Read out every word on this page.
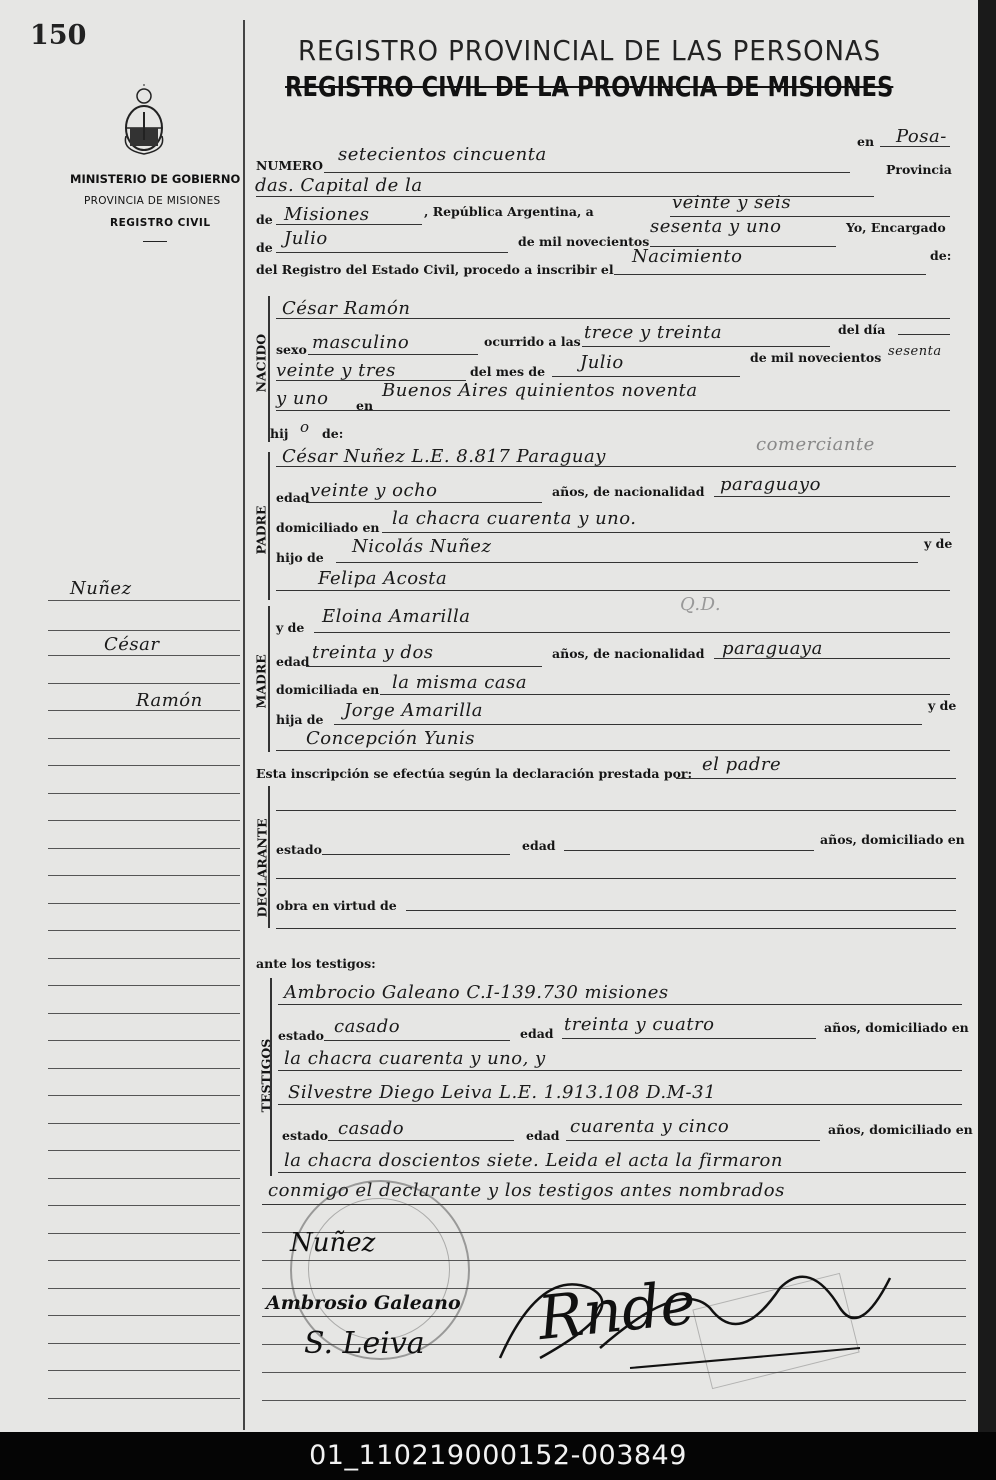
150
MINISTERIO DE GOBIERNO
PROVINCIA DE MISIONES
REGISTRO CIVIL
Nuñez
César
Ramón
REGISTRO PROVINCIAL DE LAS PERSONAS
REGISTRO CIVIL DE LA PROVINCIA DE MISIONES
NUMERO
setecientos cincuenta
en Posa-
das. Capital de la
Provincia
de Misiones	, República Argentina, a	veinte y seis
de Julio	de mil novecientos
sesenta y uno	Yo, Encargado
del Registro del Estado Civil, procedo a inscribir el
Nacimiento	de:
NACIDO
César Ramón
sexo masculino	ocurrido a las trece y treinta	del día
veinte y tres	del mes de Julio	de mil novecientos sesenta
y uno en
Buenos Aires quinientos noventa
hij o de:
PADRE
César Nuñez L.E. 8.817 Paraguay
comerciante
edad veinte y ocho	años, de nacionalidad paraguayo
domiciliado en la chacra cuarenta y uno.
hijo de
Nicolás Nuñez	y de
Felipa Acosta
MADRE
y de
Eloina Amarilla
Q.D.
edad treinta y dos	años, de nacionalidad paraguaya
domiciliada en la misma casa
hija de Jorge Amarilla	y de
Concepción Yunis
Esta inscripción se efectúa según la declaración prestada por: el padre
DECLARANTE estado	edad	años, domiciliado en
obra en virtud de
ante los testigos:
TESTIGOS
Ambrocio Galeano C.I-139.730 misiones
estado casado	edad treinta y cuatro	años, domiciliado en
la chacra cuarenta y uno, y
Silvestre Diego Leiva L.E. 1.913.108 D.M-31
estado casado	edad cuarenta y cinco	años, domiciliado en
la chacra doscientos siete. Leida el acta la firmaron
conmigo el declarante y los testigos antes nombrados
Nuñez
Ambrosio Galeano
S. Leiva Rnde
01_110219000152-003849
